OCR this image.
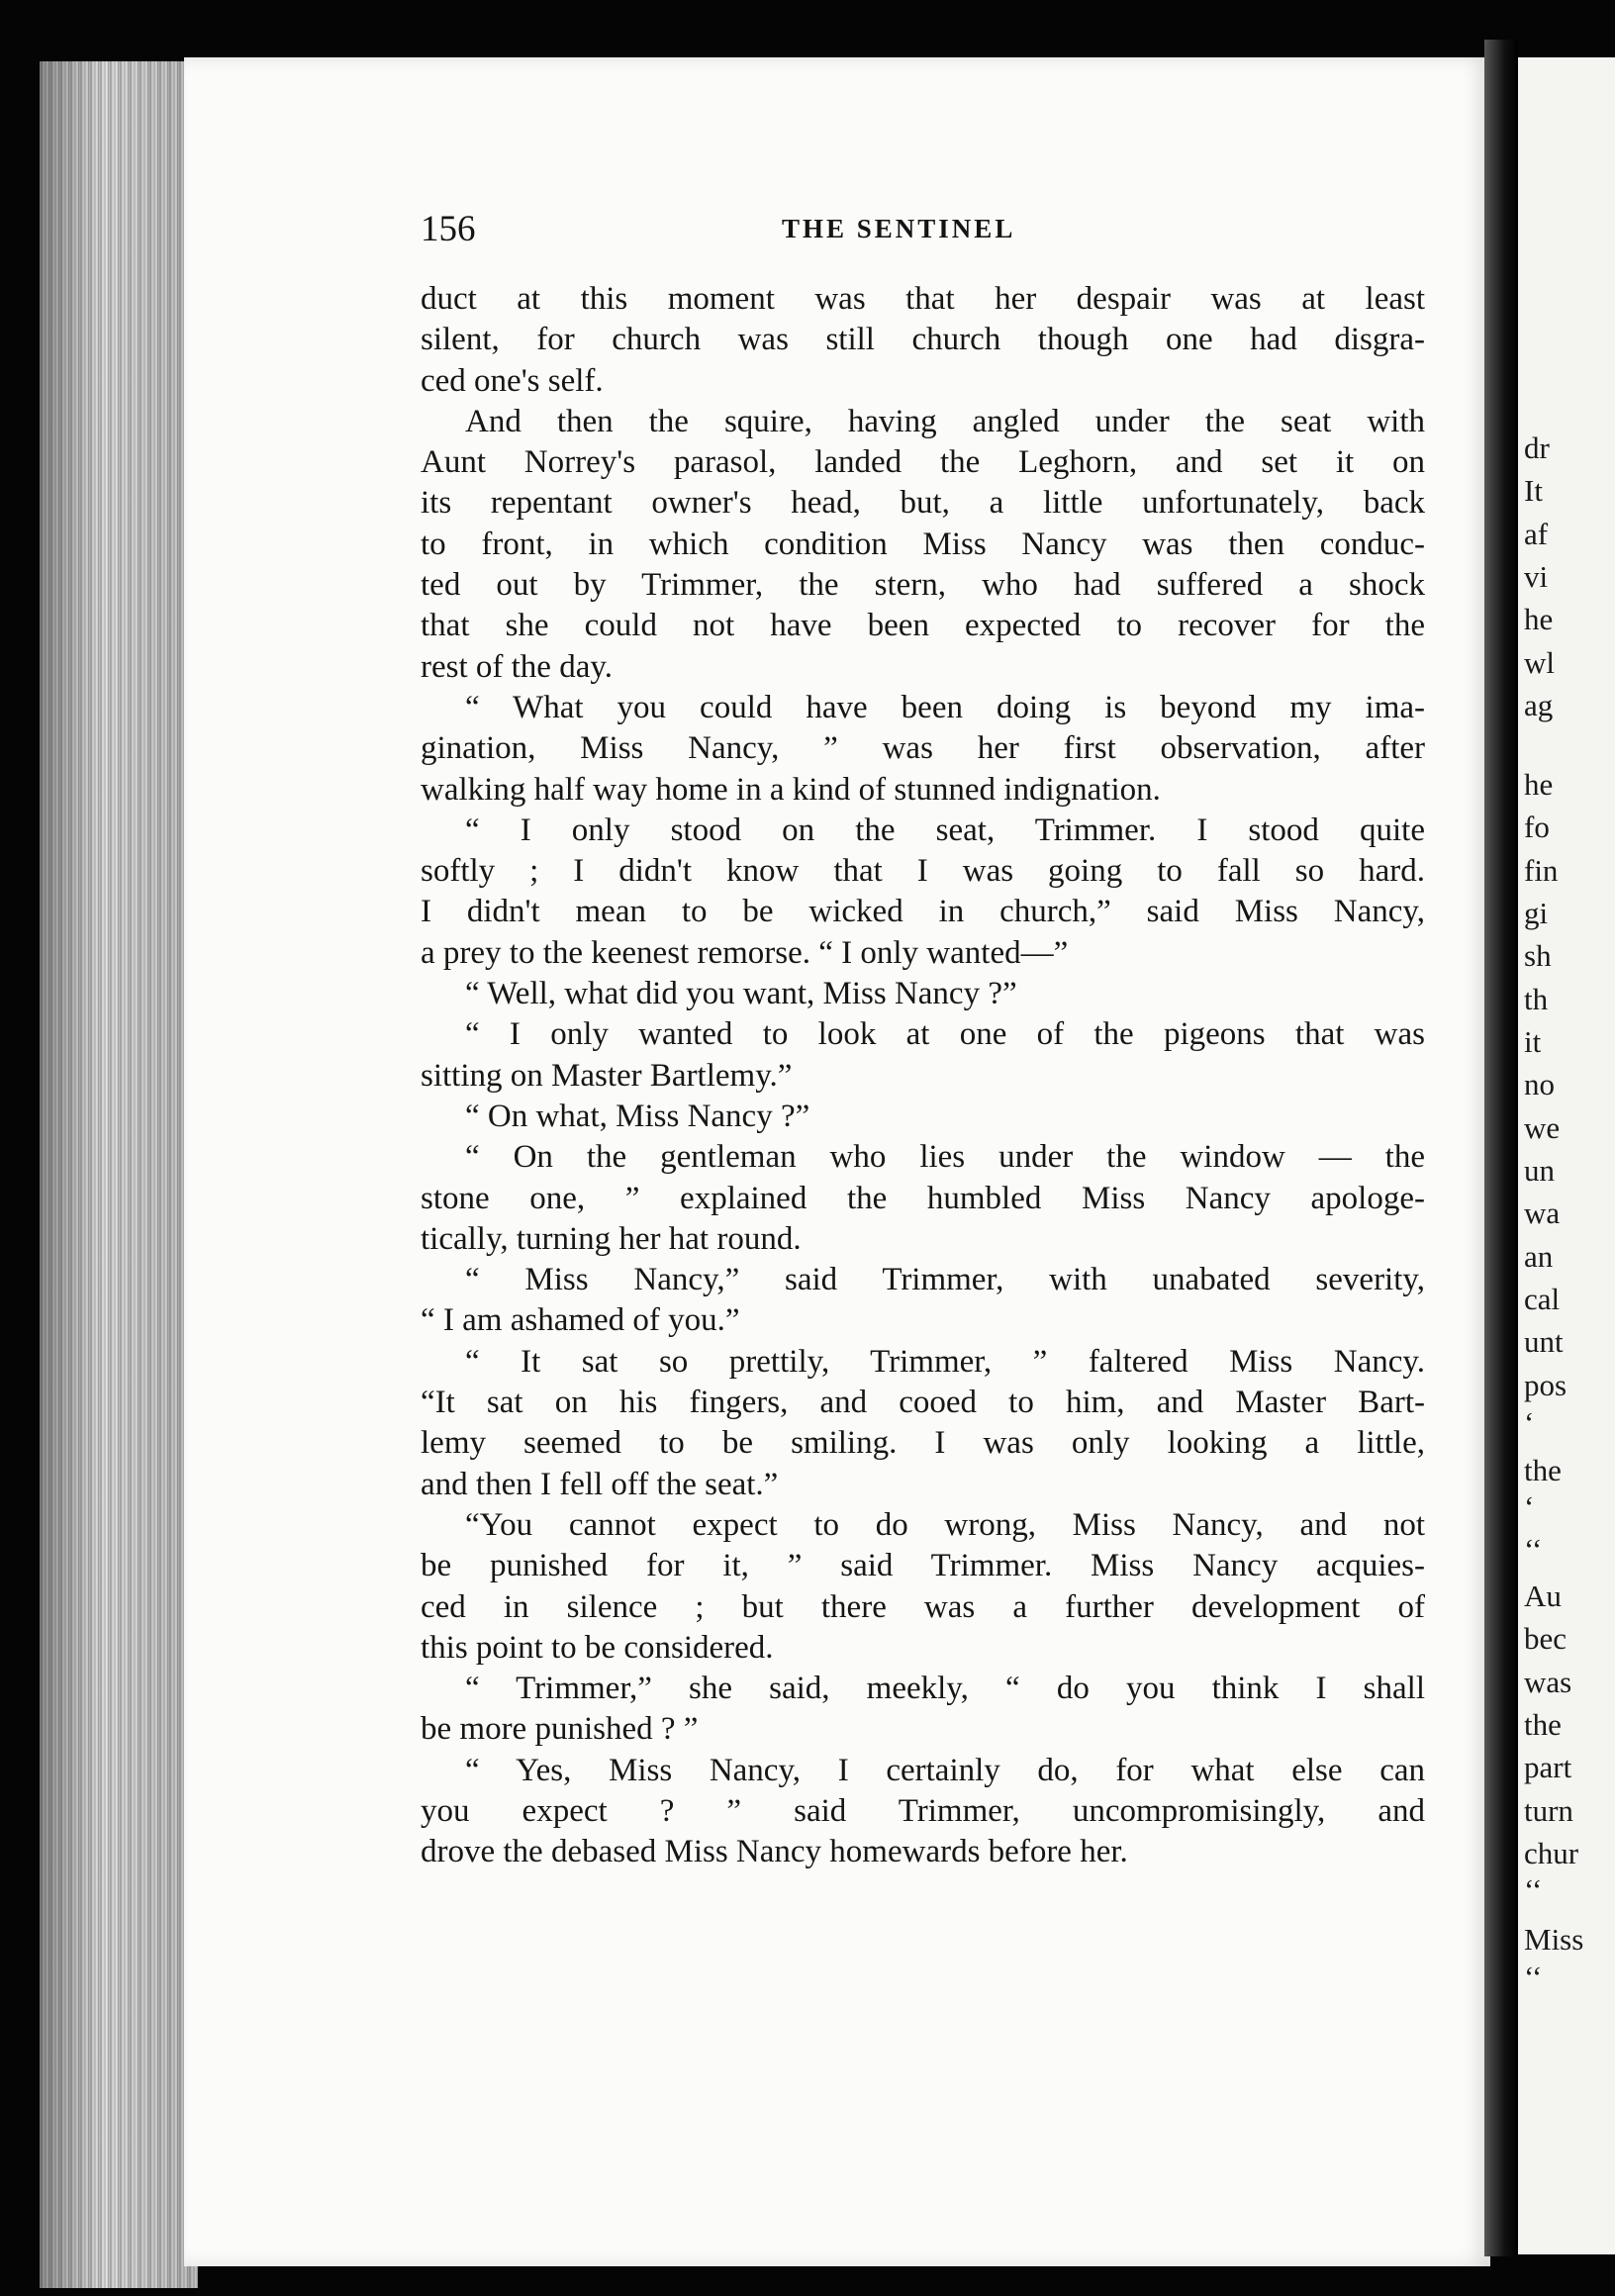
dr
It
af
vi
he
wl
ag
he
fo
fin
gi
sh
th
it
no
we
un
wa
an
cal
unt
pos
‘
the
‘
‘‘
Au
bec
was
the
part
turn
chur
‘‘
Miss
‘‘
156	THE SENTINEL
duct at this moment was that her despair was at least
silent, for church was still church though one had disgra-
ced one's self.
And then the squire, having angled under the seat with
Aunt Norrey's parasol, landed the Leghorn, and set it on
its repentant owner's head, but, a little unfortunately, back
to front, in which condition Miss Nancy was then conduc-
ted out by Trimmer, the stern, who had suffered a shock
that she could not have been expected to recover for the
rest of the day.
“ What you could have been doing is beyond my ima-
gination, Miss Nancy, ” was her first observation, after
walking half way home in a kind of stunned indignation.
“ I only stood on the seat, Trimmer. I stood quite
softly ; I didn't know that I was going to fall so hard.
I didn't mean to be wicked in church,” said Miss Nancy,
a prey to the keenest remorse. “ I only wanted—”
“ Well, what did you want, Miss Nancy ?”
“ I only wanted to look at one of the pigeons that was
sitting on Master Bartlemy.”
“ On what, Miss Nancy ?”
“ On the gentleman who lies under the window — the
stone one, ” explained the humbled Miss Nancy apologe-
tically, turning her hat round.
“ Miss Nancy,” said Trimmer, with unabated severity,
“ I am ashamed of you.”
“ It sat so prettily, Trimmer, ” faltered Miss Nancy.
“It sat on his fingers, and cooed to him, and Master Bart-
lemy seemed to be smiling. I was only looking a little,
and then I fell off the seat.”
“You cannot expect to do wrong, Miss Nancy, and not
be punished for it, ” said Trimmer. Miss Nancy acquies-
ced in silence ; but there was a further development of
this point to be considered.
“ Trimmer,” she said, meekly, “ do you think I shall
be more punished ? ”
“ Yes, Miss Nancy, I certainly do, for what else can
you expect ? ” said Trimmer, uncompromisingly, and
drove the debased Miss Nancy homewards before her.
